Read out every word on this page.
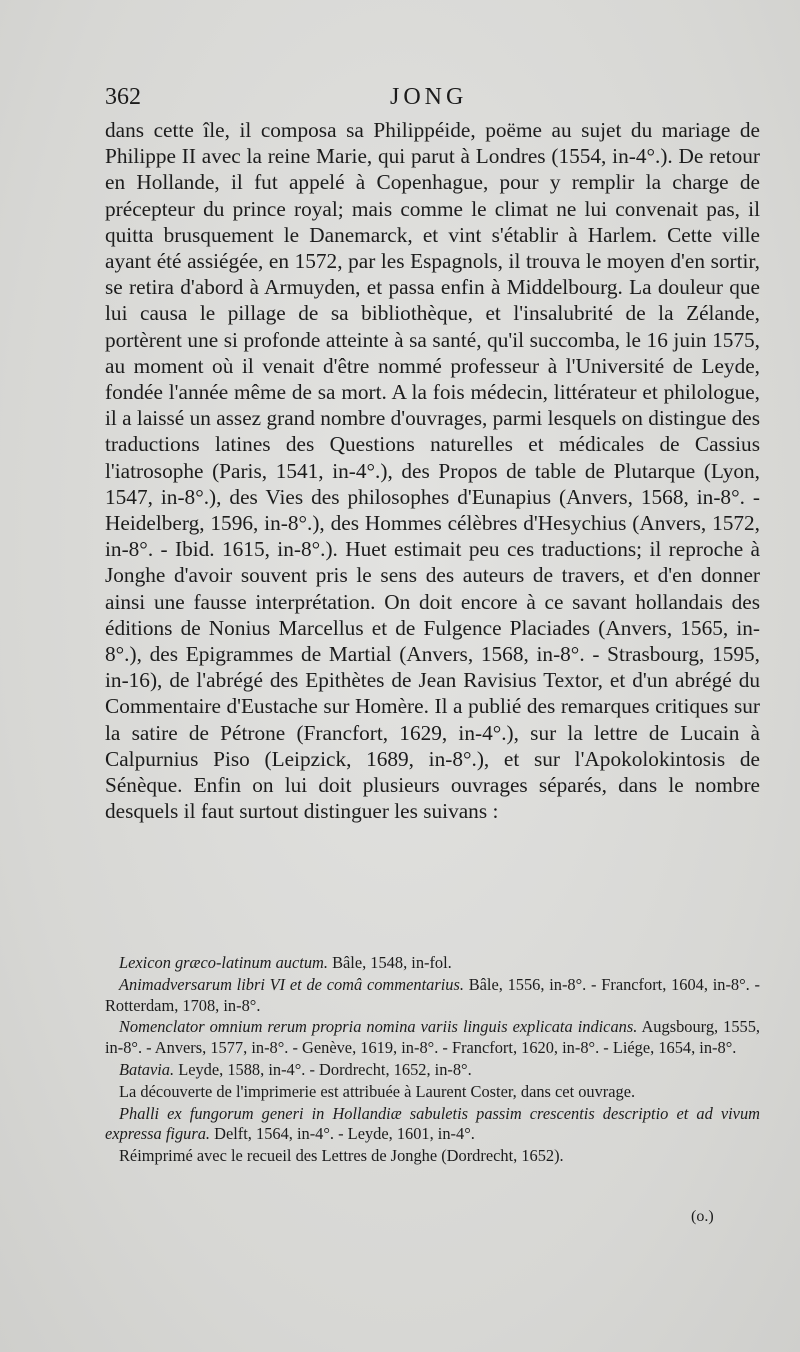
362	JONG

dans cette île, il composa sa Philippéide, poëme au sujet du mariage de Philippe II avec la reine Marie, qui parut à Londres (1554, in-4°.). De retour en Hollande, il fut appelé à Copenhague, pour y remplir la charge de précepteur du prince royal; mais comme le climat ne lui convenait pas, il quitta brusquement le Danemarck, et vint s'établir à Harlem. Cette ville ayant été assiégée, en 1572, par les Espagnols, il trouva le moyen d'en sortir, se retira d'abord à Armuyden, et passa enfin à Middelbourg. La douleur que lui causa le pillage de sa bibliothèque, et l'insalubrité de la Zélande, portèrent une si profonde atteinte à sa santé, qu'il succomba, le 16 juin 1575, au moment où il venait d'être nommé professeur à l'Université de Leyde, fondée l'année même de sa mort. A la fois médecin, littérateur et philologue, il a laissé un assez grand nombre d'ouvrages, parmi lesquels on distingue des traductions latines des Questions naturelles et médicales de Cassius l'iatrosophe (Paris, 1541, in-4°.), des Propos de table de Plutarque (Lyon, 1547, in-8°.), des Vies des philosophes d'Eunapius (Anvers, 1568, in-8°. - Heidelberg, 1596, in-8°.), des Hommes célèbres d'Hesychius (Anvers, 1572, in-8°. - Ibid. 1615, in-8°.). Huet estimait peu ces traductions; il reproche à Jonghe d'avoir souvent pris le sens des auteurs de travers, et d'en donner ainsi une fausse interprétation. On doit encore à ce savant hollandais des éditions de Nonius Marcellus et de Fulgence Placiades (Anvers, 1565, in-8°.), des Epigrammes de Martial (Anvers, 1568, in-8°. - Strasbourg, 1595, in-16), de l'abrégé des Epithètes de Jean Ravisius Textor, et d'un abrégé du Commentaire d'Eustache sur Homère. Il a publié des remarques critiques sur la satire de Pétrone (Francfort, 1629, in-4°.), sur la lettre de Lucain à Calpurnius Piso (Leipzick, 1689, in-8°.), et sur l'Apokolokintosis de Sénèque. Enfin on lui doit plusieurs ouvrages séparés, dans le nombre desquels il faut surtout distinguer les suivans :

Lexicon græco-latinum auctum. Bâle, 1548, in-fol.

Animadversarum libri VI et de comâ commentarius. Bâle, 1556, in-8°. - Francfort, 1604, in-8°. - Rotterdam, 1708, in-8°.

Nomenclator omnium rerum propria nomina variis linguis explicata indicans. Augsbourg, 1555, in-8°. - Anvers, 1577, in-8°. - Genève, 1619, in-8°. - Francfort, 1620, in-8°. - Liége, 1654, in-8°.

Batavia. Leyde, 1588, in-4°. - Dordrecht, 1652, in-8°.

La découverte de l'imprimerie est attribuée à Laurent Coster, dans cet ouvrage.

Phalli ex fungorum generi in Hollandiæ sabuletis passim crescentis descriptio et ad vivum expressa figura. Delft, 1564, in-4°. - Leyde, 1601, in-4°.

Réimprimé avec le recueil des Lettres de Jonghe (Dordrecht, 1652).

(o.)
